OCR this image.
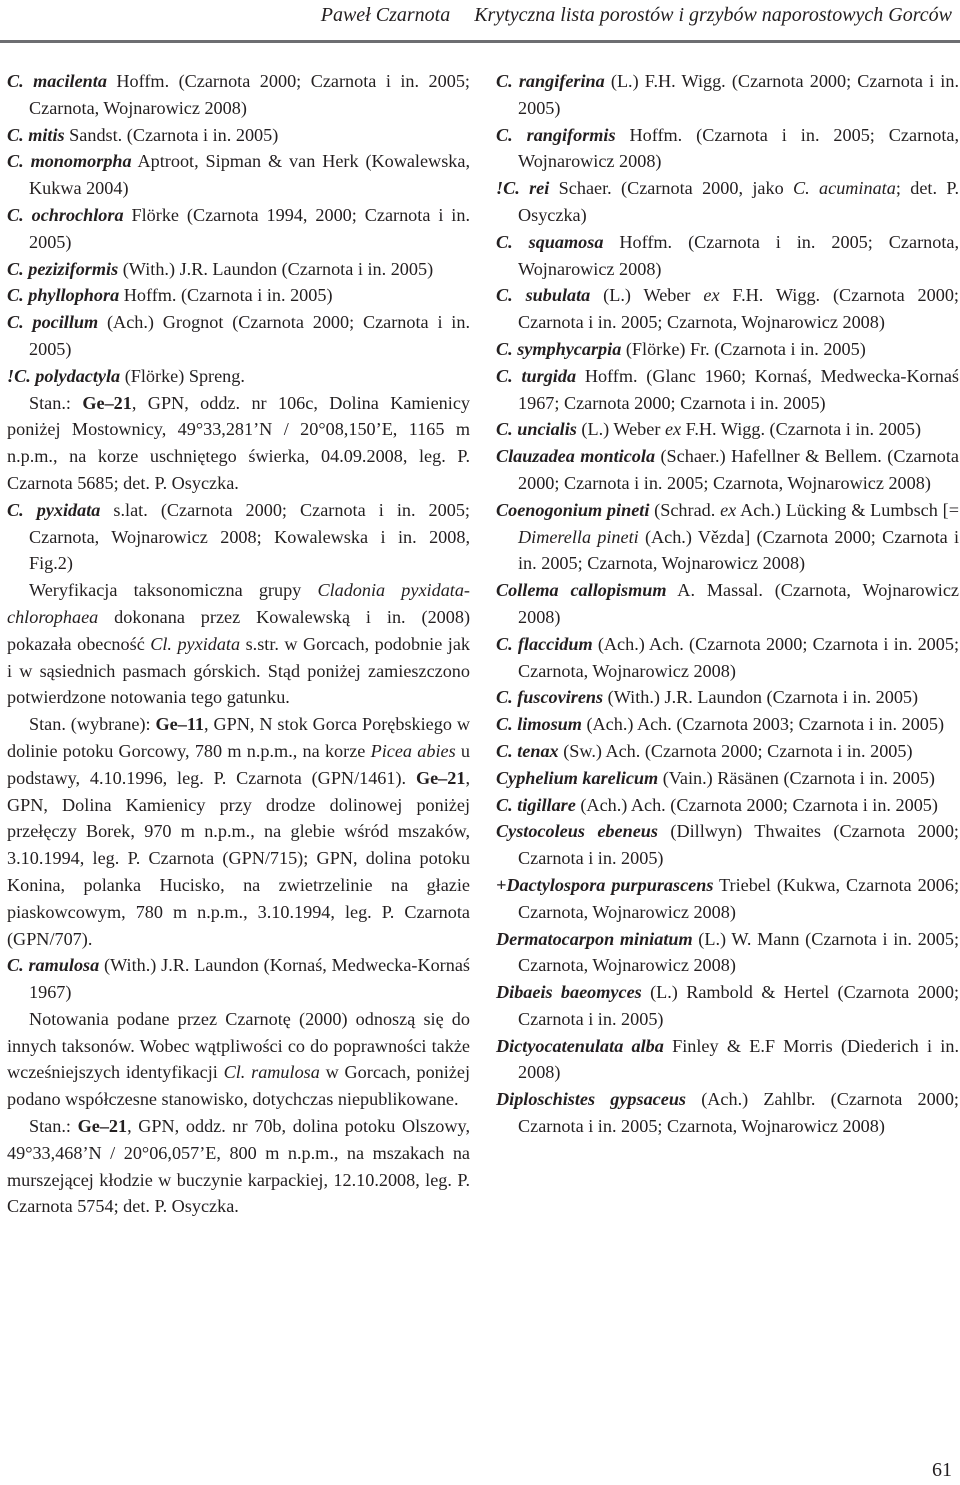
Paweł Czarnota Krytyczna lista porostów i grzybów naporostowych Gorców

C. macilenta Hoffm. (Czarnota 2000; Czarnota i in. 2005; Czarnota, Wojnarowicz 2008)

C. mitis Sandst. (Czarnota i in. 2005)

C. monomorpha Aptroot, Sipman & van Herk (Kowalewska, Kukwa 2004)

C. ochrochlora Flörke (Czarnota 1994, 2000; Czarnota i in. 2005)

C. peziziformis (With.) J.R. Laundon (Czarnota i in. 2005)

C. phyllophora Hoffm. (Czarnota i in. 2005)

C. pocillum (Ach.) Grognot (Czarnota 2000; Czarnota i in. 2005)

!C. polydactyla (Flörke) Spreng.

Stan.: Ge–21, GPN, oddz. nr 106c, Dolina Kamienicy poniżej Mostownicy, 49°33,281’N / 20°08,150’E, 1165 m n.p.m., na korze uschniętego świerka, 04.09.2008, leg. P. Czarnota 5685; det. P. Osyczka.

C. pyxidata s.lat. (Czarnota 2000; Czarnota i in. 2005; Czarnota, Wojnarowicz 2008; Kowalewska i in. 2008, Fig.2)

Weryfikacja taksonomiczna grupy Cladonia pyxidata-chlorophaea dokonana przez Kowalewską i in. (2008) pokazała obecność Cl. pyxidata s.str. w Gorcach, podobnie jak i w sąsiednich pasmach górskich. Stąd poniżej zamieszczono potwierdzone notowania tego gatunku.

Stan. (wybrane): Ge–11, GPN, N stok Gorca Porębskiego w dolinie potoku Gorcowy, 780 m n.p.m., na korze Picea abies u podstawy, 4.10.1996, leg. P. Czarnota (GPN/1461). Ge–21, GPN, Dolina Kamienicy przy drodze dolinowej poniżej przełęczy Borek, 970 m n.p.m., na glebie wśród mszaków, 3.10.1994, leg. P. Czarnota (GPN/715); GPN, dolina potoku Konina, polanka Hucisko, na zwietrzelinie na głazie piaskowcowym, 780 m n.p.m., 3.10.1994, leg. P. Czarnota (GPN/707).

C. ramulosa (With.) J.R. Laundon (Kornaś, Medwecka-Kornaś 1967)

Notowania podane przez Czarnotę (2000) odnoszą się do innych taksonów. Wobec wątpliwości co do poprawności także wcześniejszych identyfikacji Cl. ramulosa w Gorcach, poniżej podano współczesne stanowisko, dotychczas niepublikowane.

Stan.: Ge–21, GPN, oddz. nr 70b, dolina potoku Olszowy, 49°33,468’N / 20°06,057’E, 800 m n.p.m., na mszakach na murszejącej kłodzie w buczynie karpackiej, 12.10.2008, leg. P. Czarnota 5754; det. P. Osyczka.

C. rangiferina (L.) F.H. Wigg. (Czarnota 2000; Czarnota i in. 2005)

C. rangiformis Hoffm. (Czarnota i in. 2005; Czarnota, Wojnarowicz 2008)

!C. rei Schaer. (Czarnota 2000, jako C. acuminata; det. P. Osyczka)

C. squamosa Hoffm. (Czarnota i in. 2005; Czarnota, Wojnarowicz 2008)

C. subulata (L.) Weber ex F.H. Wigg. (Czarnota 2000; Czarnota i in. 2005; Czarnota, Wojnarowicz 2008)

C. symphycarpia (Flörke) Fr. (Czarnota i in. 2005)

C. turgida Hoffm. (Glanc 1960; Kornaś, Medwecka-Kornaś 1967; Czarnota 2000; Czarnota i in. 2005)

C. uncialis (L.) Weber ex F.H. Wigg. (Czarnota i in. 2005)

Clauzadea monticola (Schaer.) Hafellner & Bellem. (Czarnota 2000; Czarnota i in. 2005; Czarnota, Wojnarowicz 2008)

Coenogonium pineti (Schrad. ex Ach.) Lücking & Lumbsch [= Dimerella pineti (Ach.) Vězda] (Czarnota 2000; Czarnota i in. 2005; Czarnota, Wojnarowicz 2008)

Collema callopismum A. Massal. (Czarnota, Wojnarowicz 2008)

C. flaccidum (Ach.) Ach. (Czarnota 2000; Czarnota i in. 2005; Czarnota, Wojnarowicz 2008)

C. fuscovirens (With.) J.R. Laundon (Czarnota i in. 2005)

C. limosum (Ach.) Ach. (Czarnota 2003; Czarnota i in. 2005)

C. tenax (Sw.) Ach. (Czarnota 2000; Czarnota i in. 2005)

Cyphelium karelicum (Vain.) Räsänen (Czarnota i in. 2005)

C. tigillare (Ach.) Ach. (Czarnota 2000; Czarnota i in. 2005)

Cystocoleus ebeneus (Dillwyn) Thwaites (Czarnota 2000; Czarnota i in. 2005)

+Dactylospora purpurascens Triebel (Kukwa, Czarnota 2006; Czarnota, Wojnarowicz 2008)

Dermatocarpon miniatum (L.) W. Mann (Czarnota i in. 2005; Czarnota, Wojnarowicz 2008)

Dibaeis baeomyces (L.) Rambold & Hertel (Czarnota 2000; Czarnota i in. 2005)

Dictyocatenulata alba Finley & E.F Morris (Diederich i in. 2008)

Diploschistes gypsaceus (Ach.) Zahlbr. (Czarnota 2000; Czarnota i in. 2005; Czarnota, Wojnarowicz 2008)

61
